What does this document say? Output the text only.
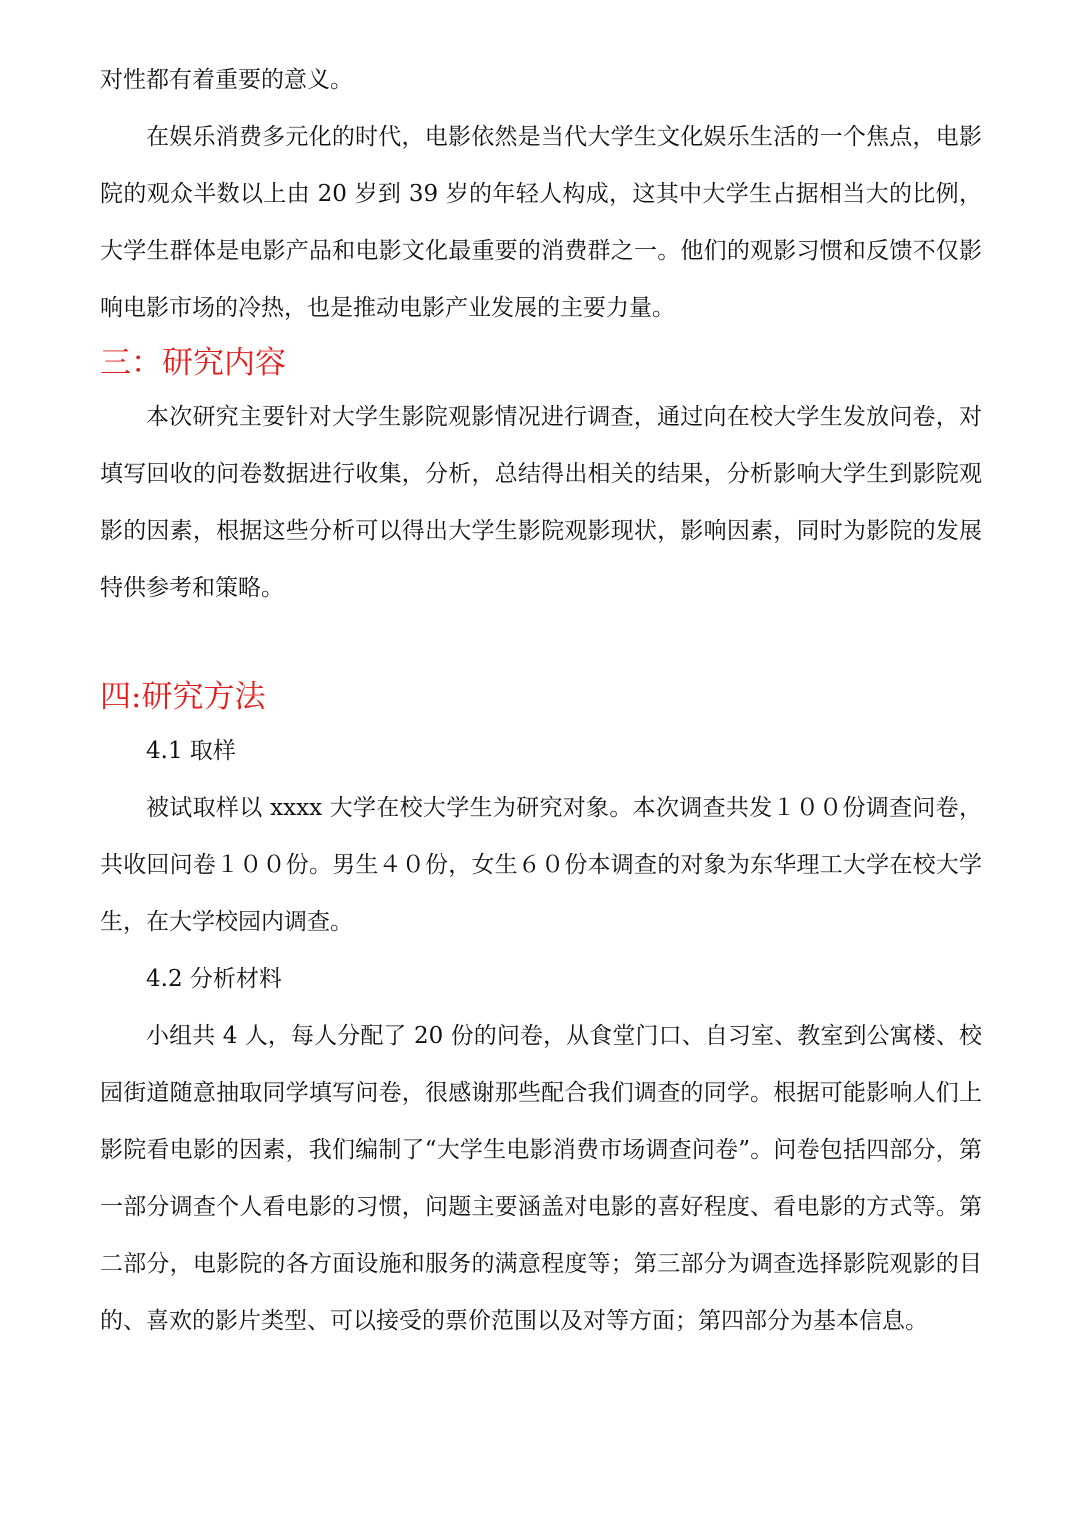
对性都有着重要的意义。

在娱乐消费多元化的时代，电影依然是当代大学生文化娱乐生活的一个焦点，电影院的观众半数以上由 20 岁到 39 岁的年轻人构成，这其中大学生占据相当大的比例，大学生群体是电影产品和电影文化最重要的消费群之一。他们的观影习惯和反馈不仅影响电影市场的冷热，也是推动电影产业发展的主要力量。

三：研究内容

本次研究主要针对大学生影院观影情况进行调查，通过向在校大学生发放问卷，对填写回收的问卷数据进行收集，分析，总结得出相关的结果，分析影响大学生到影院观影的因素，根据这些分析可以得出大学生影院观影现状，影响因素，同时为影院的发展特供参考和策略。

四:研究方法

4.1 取样

被试取样以 xxxx 大学在校大学生为研究对象。本次调查共发１００份调查问卷，共收回问卷１００份。男生４０份，女生６０份本调查的对象为东华理工大学在校大学生，在大学校园内调查。

4.2 分析材料

小组共 4 人，每人分配了 20 份的问卷，从食堂门口、自习室、教室到公寓楼、校园街道随意抽取同学填写问卷，很感谢那些配合我们调查的同学。根据可能影响人们上影院看电影的因素，我们编制了“大学生电影消费市场调查问卷”。问卷包括四部分，第一部分调查个人看电影的习惯，问题主要涵盖对电影的喜好程度、看电影的方式等。第二部分，电影院的各方面设施和服务的满意程度等；第三部分为调查选择影院观影的目的、喜欢的影片类型、可以接受的票价范围以及对等方面；第四部分为基本信息。
